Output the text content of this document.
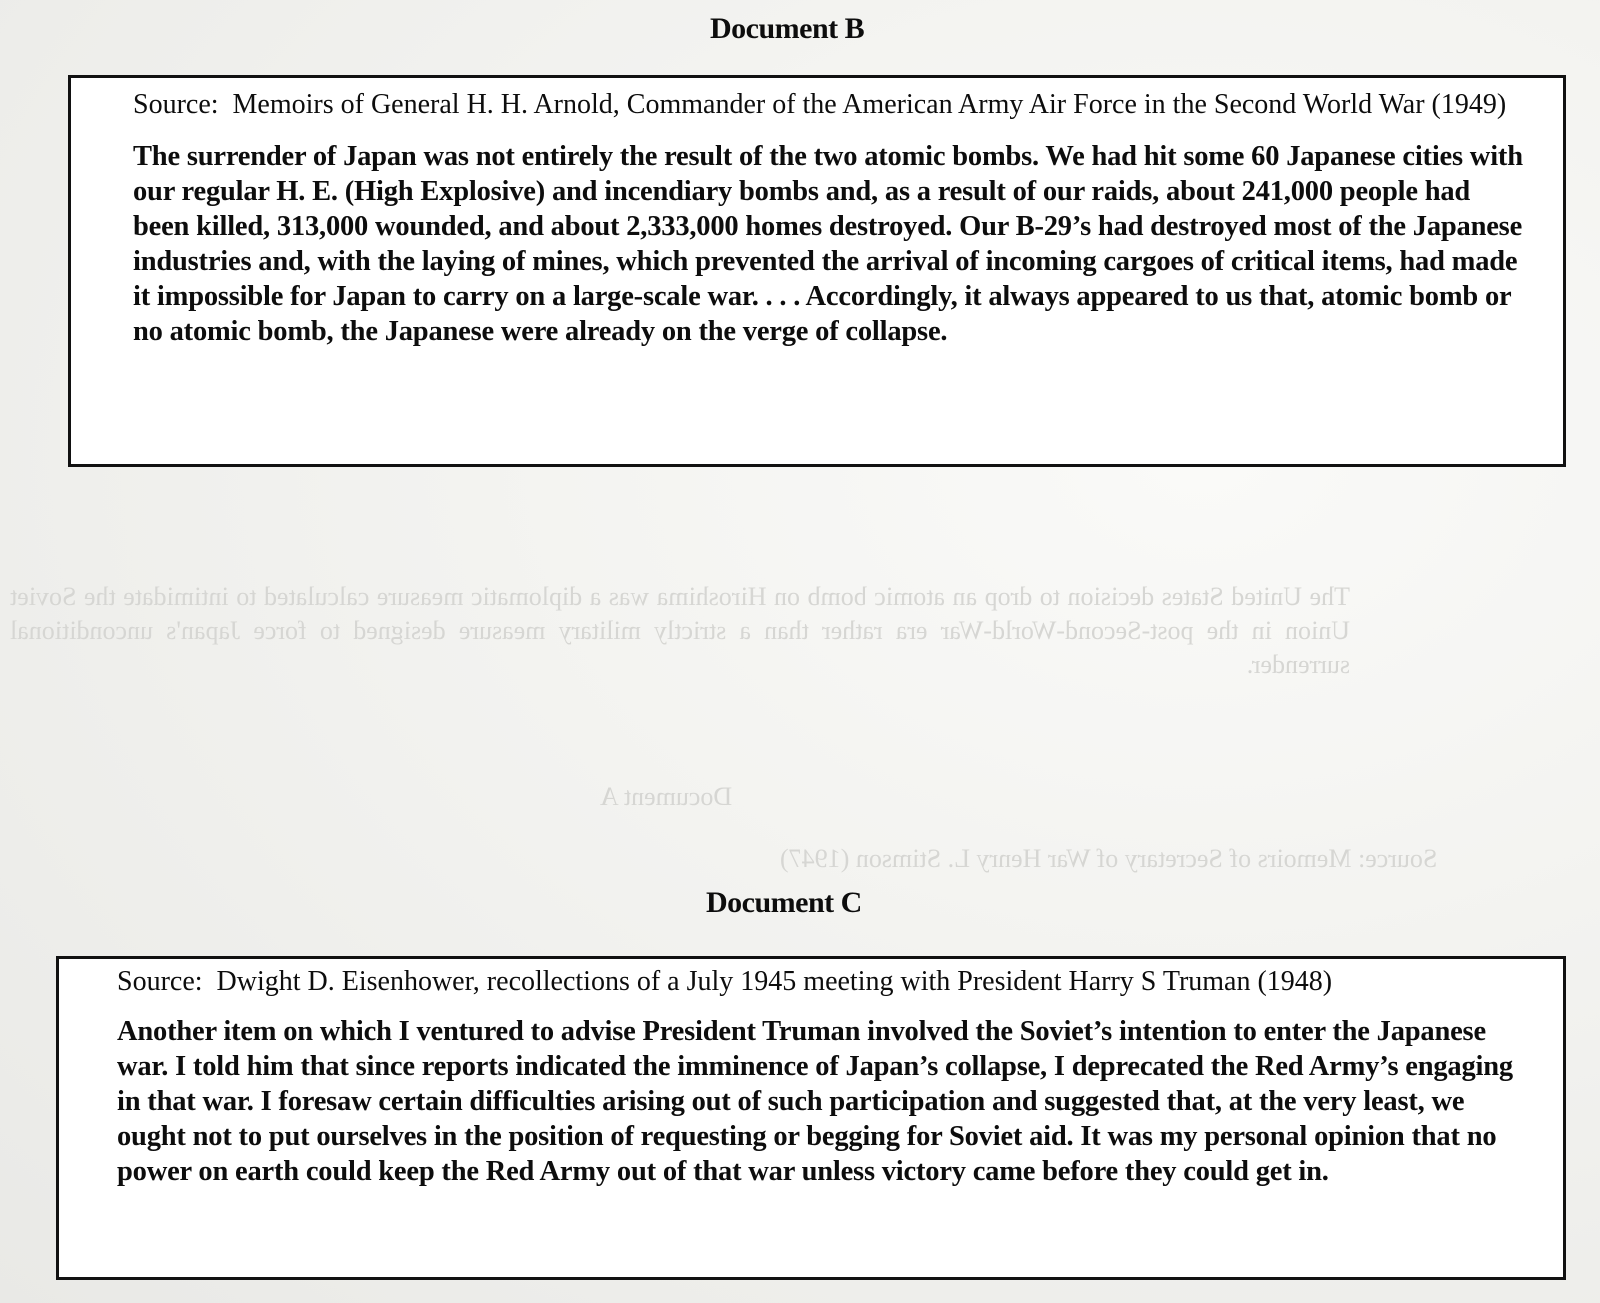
Document A

Source: Memoirs of Secretary of War Henry L. Stimson (1947)

The United States decision to drop an atomic bomb on Hiroshima was a diplomatic measure calculated to intimidate the Soviet Union in the post-Second-World-War era rather than a strictly military measure designed to force Japan's unconditional surrender.

Document B

Source: Memoirs of General H. H. Arnold, Commander of the American Army Air Force in the Second World War (1949)

The surrender of Japan was not entirely the result of the two atomic bombs. We had hit some 60 Japanese cities with our regular H. E. (High Explosive) and incendiary bombs and, as a result of our raids, about 241,000 people had been killed, 313,000 wounded, and about 2,333,000 homes destroyed. Our B-29’s had destroyed most of the Japanese industries and, with the laying of mines, which prevented the arrival of incoming cargoes of critical items, had made it impossible for Japan to carry on a large-scale war. . . . Accordingly, it always appeared to us that, atomic bomb or no atomic bomb, the Japanese were already on the verge of collapse.

Document C

Source: Dwight D. Eisenhower, recollections of a July 1945 meeting with President Harry S Truman (1948)

Another item on which I ventured to advise President Truman involved the Soviet’s intention to enter the Japanese war. I told him that since reports indicated the imminence of Japan’s collapse, I deprecated the Red Army’s engaging in that war. I foresaw certain difficulties arising out of such participation and suggested that, at the very least, we ought not to put ourselves in the position of requesting or begging for Soviet aid. It was my personal opinion that no power on earth could keep the Red Army out of that war unless victory came before they could get in.
